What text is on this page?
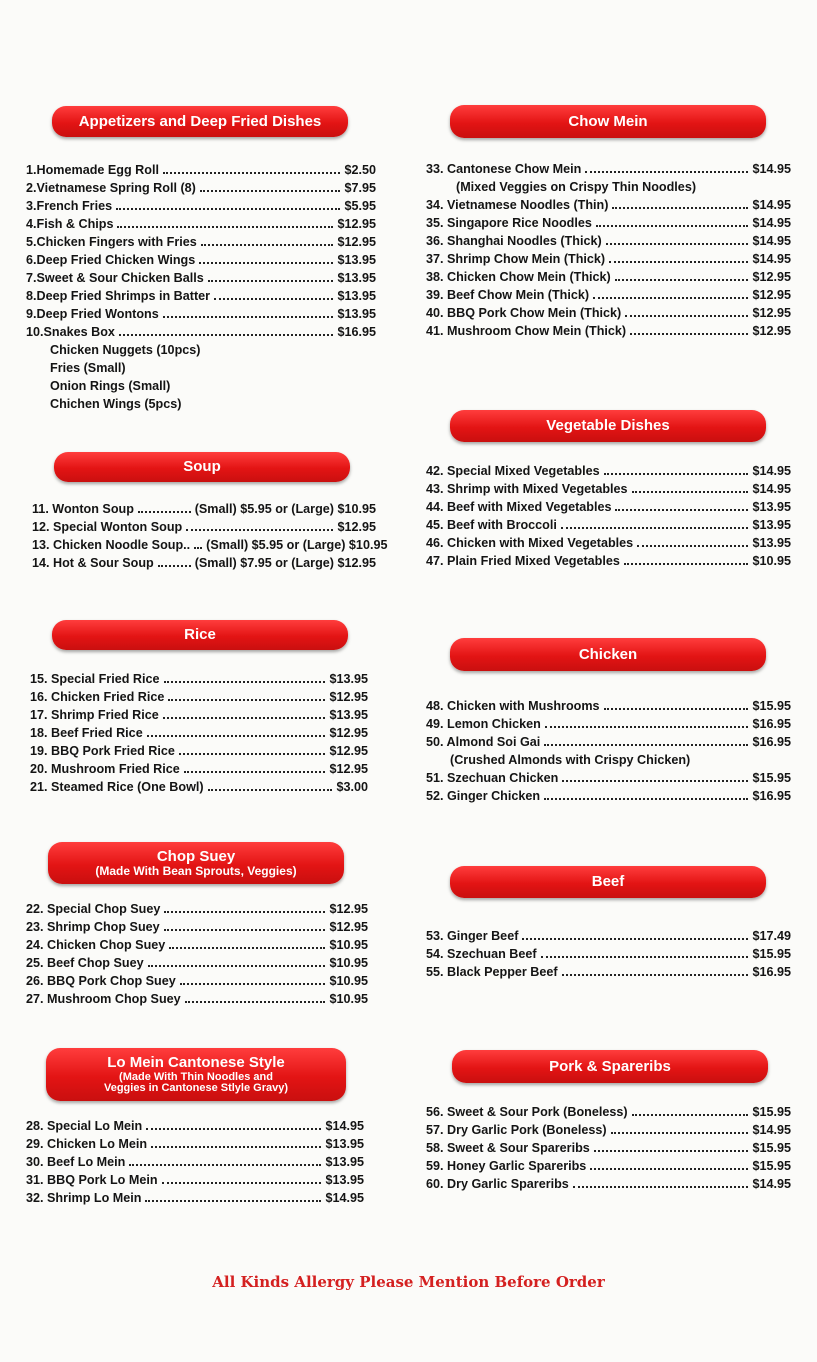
Appetizers and Deep Fried Dishes
1.Homemade Egg Roll	$2.50
2.Vietnamese Spring Roll (8)	$7.95
3.French Fries	$5.95
4.Fish & Chips	$12.95
5.Chicken Fingers with Fries	$12.95
6.Deep Fried Chicken Wings	$13.95
7.Sweet & Sour Chicken Balls	$13.95
8.Deep Fried Shrimps in Batter	$13.95
9.Deep Fried Wontons	$13.95
10.Snakes Box	$16.95
Chicken Nuggets (10pcs)
Fries (Small)
Onion Rings (Small)
Chichen Wings (5pcs)
Soup
11. Wonton Soup	(Small) $5.95 or (Large) $10.95
12. Special Wonton Soup	$12.95
13. Chicken Noodle Soup.. (Small) $5.95 or (Large) $10.95
14. Hot & Sour Soup	(Small) $7.95 or (Large) $12.95
Rice
15. Special Fried Rice	$13.95
16. Chicken Fried Rice	$12.95
17. Shrimp Fried Rice	$13.95
18. Beef Fried Rice	$12.95
19. BBQ Pork Fried Rice	$12.95
20. Mushroom Fried Rice	$12.95
21. Steamed Rice (One Bowl)	$3.00
Chop Suey
(Made With Bean Sprouts, Veggies)
22. Special Chop Suey	$12.95
23. Shrimp Chop Suey	$12.95
24. Chicken Chop Suey	$10.95
25. Beef Chop Suey	$10.95
26. BBQ Pork Chop Suey	$10.95
27. Mushroom Chop Suey	$10.95
Lo Mein Cantonese Style
(Made With Thin Noodles and
Veggies in Cantonese Stlyle Gravy)
28. Special Lo Mein	$14.95
29. Chicken Lo Mein	$13.95
30. Beef Lo Mein	$13.95
31. BBQ Pork Lo Mein	$13.95
32. Shrimp Lo Mein	$14.95
Chow Mein
33. Cantonese Chow Mein	$14.95
(Mixed Veggies on Crispy Thin Noodles)
34. Vietnamese Noodles (Thin)	$14.95
35. Singapore Rice Noodles	$14.95
36. Shanghai Noodles (Thick)	$14.95
37. Shrimp Chow Mein (Thick)	$14.95
38. Chicken Chow Mein (Thick)	$12.95
39. Beef Chow Mein (Thick)	$12.95
40. BBQ Pork Chow Mein (Thick)	$12.95
41. Mushroom Chow Mein (Thick)	$12.95
Vegetable Dishes
42. Special Mixed Vegetables	$14.95
43. Shrimp with Mixed Vegetables	$14.95
44. Beef with Mixed Vegetables	$13.95
45. Beef with Broccoli	$13.95
46. Chicken with Mixed Vegetables	$13.95
47. Plain Fried Mixed Vegetables	$10.95
Chicken
48. Chicken with Mushrooms	$15.95
49. Lemon Chicken	$16.95
50. Almond Soi Gai	$16.95
(Crushed Almonds with Crispy Chicken)
51. Szechuan Chicken	$15.95
52. Ginger Chicken	$16.95
Beef
53. Ginger Beef	$17.49
54. Szechuan Beef	$15.95
55. Black Pepper Beef	$16.95
Pork & Spareribs
56. Sweet & Sour Pork (Boneless)	$15.95
57. Dry Garlic Pork (Boneless)	$14.95
58. Sweet & Sour Spareribs	$15.95
59. Honey Garlic Spareribs	$15.95
60. Dry Garlic Spareribs	$14.95
All Kinds Allergy Please Mention Before Order
